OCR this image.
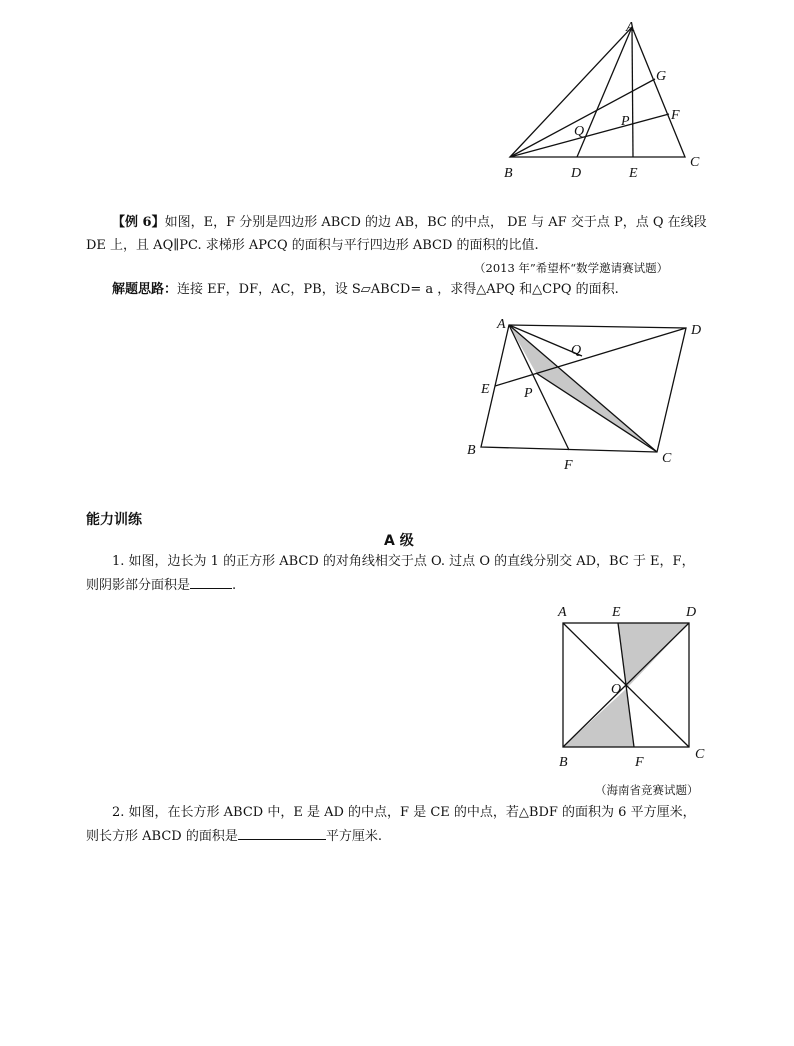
A
G
F
P
Q
B	D	E
C
【例 6】如图，E，F 分别是四边形 ABCD 的边 AB，BC 的中点， DE 与 AF 交于点 P，点 Q 在线段
DE 上，且 AQ∥PC. 求梯形 APCQ 的面积与平行四边形 ABCD 的面积的比值.
（2013 年”希望杯“数学邀请赛试题）
解题思路：连接 EF，DF，AC，PB，设 S▱ABCD= a ，求得△APQ 和△CPQ 的面积.
A	D
Q
E P
B
F	C
能力训练
A 级
1. 如图，边长为 1 的正方形 ABCD 的对角线相交于点 O. 过点 O 的直线分别交 AD，BC 于 E，F，
则阴影部分面积是	.
A	E	D
O
B	F
C
（海南省竞赛试题）
2. 如图，在长方形 ABCD 中，E 是 AD 的中点，F 是 CE 的中点，若△BDF 的面积为 6 平方厘米，
则长方形 ABCD 的面积是	平方厘米.
